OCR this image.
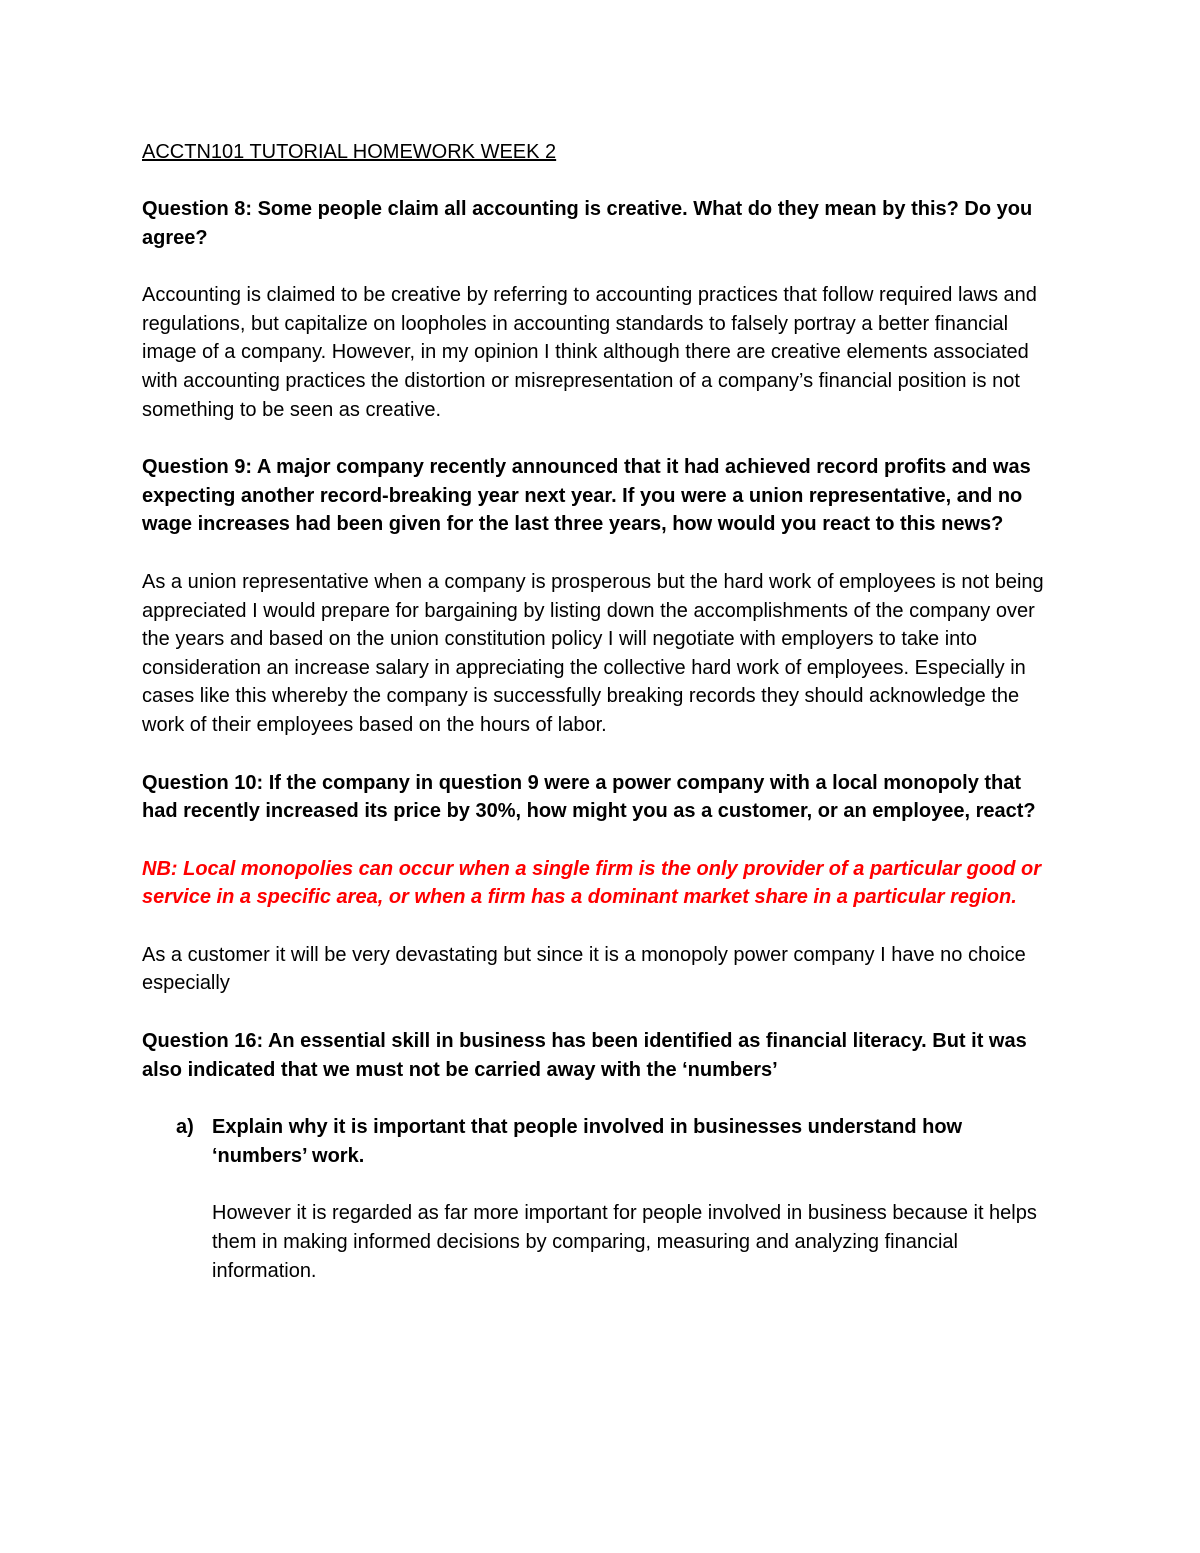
ACCTN101 TUTORIAL HOMEWORK WEEK 2

Question 8: Some people claim all accounting is creative. What do they mean by this? Do you agree?

Accounting is claimed to be creative by referring to accounting practices that follow required laws and regulations, but capitalize on loopholes in accounting standards to falsely portray a better financial image of a company. However, in my opinion I think although there are creative elements associated with accounting practices the distortion or misrepresentation of a company’s financial position is not something to be seen as creative.

Question 9: A major company recently announced that it had achieved record profits and was expecting another record-breaking year next year. If you were a union representative, and no wage increases had been given for the last three years, how would you react to this news?

As a union representative when a company is prosperous but the hard work of employees is not being appreciated I would prepare for bargaining by listing down the accomplishments of the company over the years and based on the union constitution policy I will negotiate with employers to take into consideration an increase salary in appreciating the collective hard work of employees. Especially in cases like this whereby the company is successfully breaking records they should acknowledge the work of their employees based on the hours of labor.

Question 10: If the company in question 9 were a power company with a local monopoly that had recently increased its price by 30%, how might you as a customer, or an employee, react?

NB: Local monopolies can occur when a single firm is the only provider of a particular good or service in a specific area, or when a firm has a dominant market share in a particular region.

As a customer it will be very devastating but since it is a monopoly power company I have no choice especially

Question 16: An essential skill in business has been identified as financial literacy. But it was also indicated that we must not be carried away with the ‘numbers’

a) Explain why it is important that people involved in businesses understand how ‘numbers’ work.

However it is regarded as far more important for people involved in business because it helps them in making informed decisions by comparing, measuring and analyzing financial information.
